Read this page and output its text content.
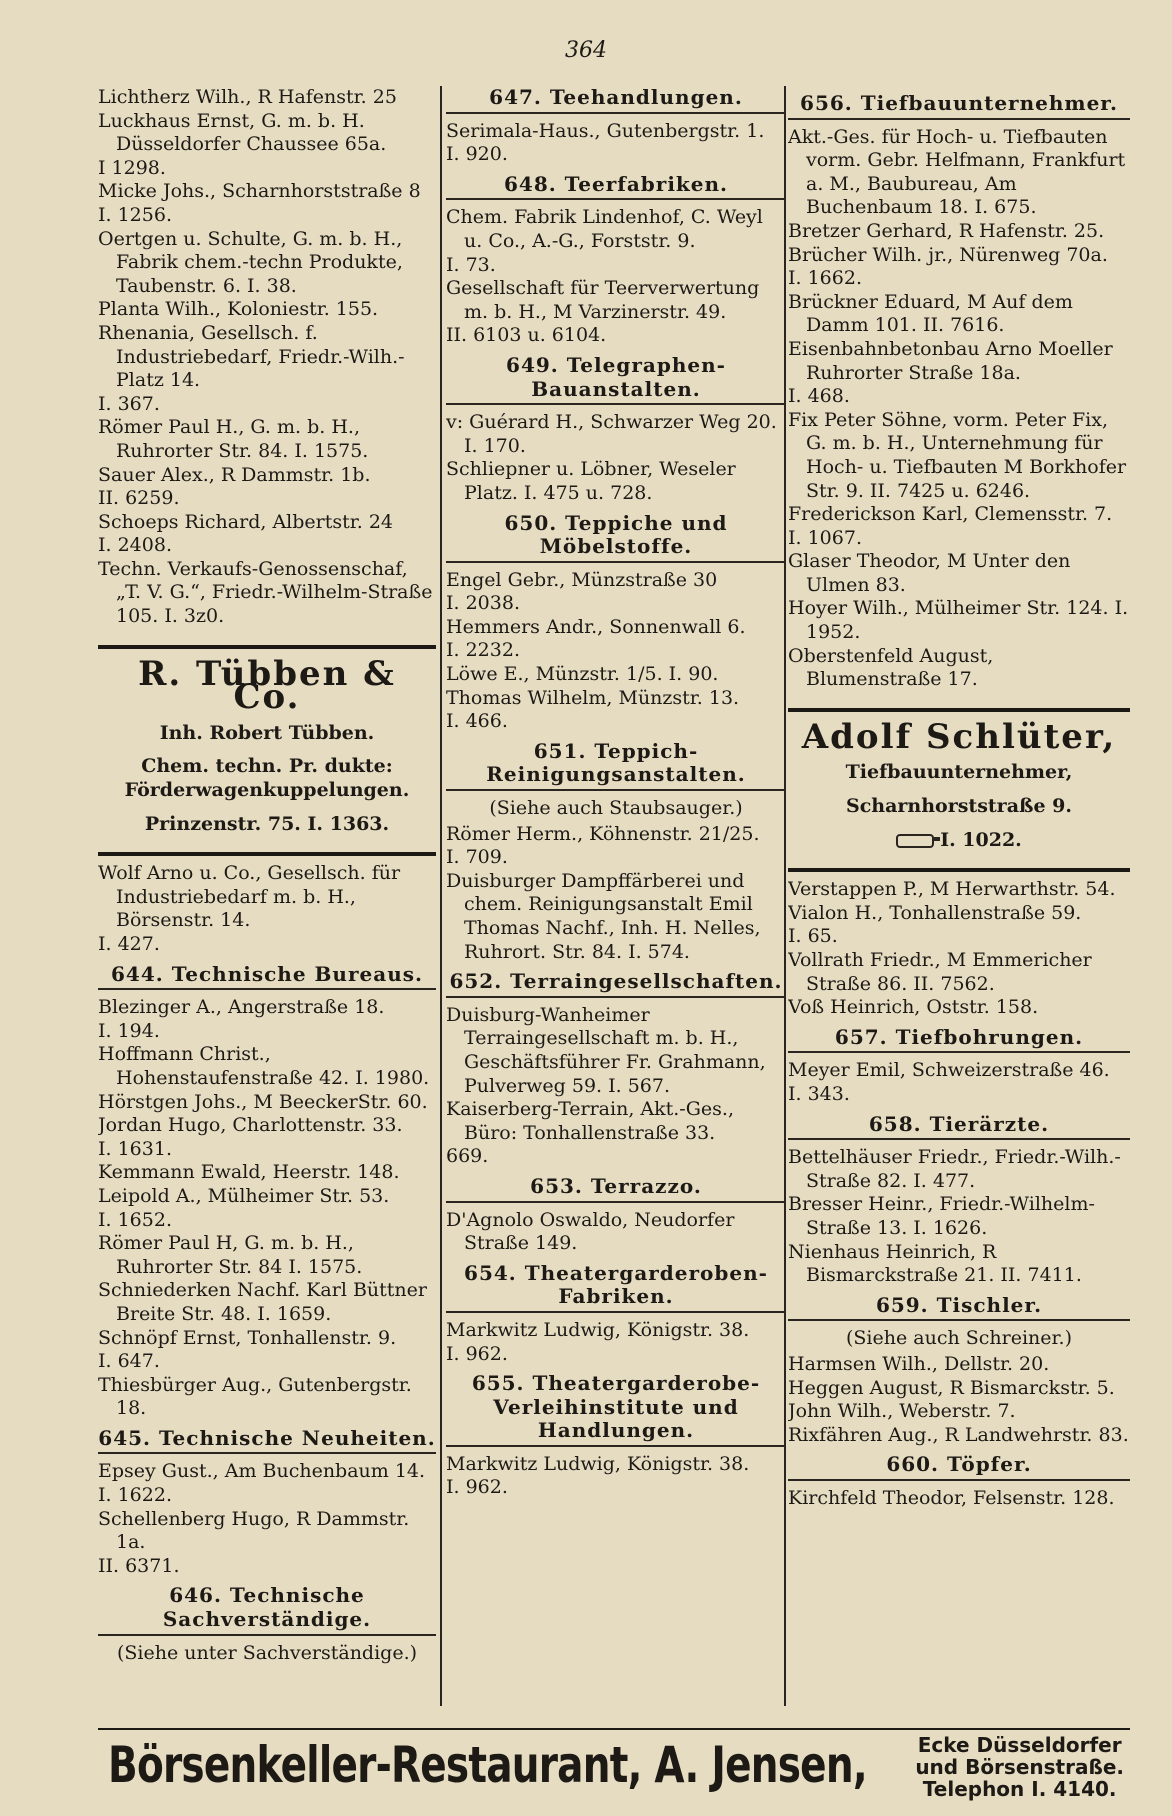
364

Lichtherz Wilh., R Hafenstr. 25

Luckhaus Ernst, G. m. b. H. Düsseldorfer Chaussee 65a.

I 1298.

Micke Johs., Scharnhorststraße 8

I. 1256.

Oertgen u. Schulte, G. m. b. H., Fabrik chem.-techn Produkte, Taubenstr. 6. I. 38.

Planta Wilh., Koloniestr. 155.

Rhenania, Gesellsch. f. Industriebedarf, Friedr.-Wilh.-Platz 14.

I. 367.

Römer Paul H., G. m. b. H., Ruhrorter Str. 84. I. 1575.

Sauer Alex., R Dammstr. 1b.

II. 6259.

Schoeps Richard, Albertstr. 24

I. 2408.

Techn. Verkaufs-Genossenschaf, „T. V. G.“, Friedr.-Wilhelm-Straße 105. I. 3z0.

R. Tübben & Co.
Inh. Robert Tübben.
Chem. techn. Pr. dukte: Förderwagenkuppelungen.
Prinzenstr. 75. I. 1363.

Wolf Arno u. Co., Gesellsch. für Industriebedarf m. b. H., Börsenstr. 14.

I. 427.

644. Technische Bureaus.

Blezinger A., Angerstraße 18.

I. 194.

Hoffmann Christ., Hohenstaufenstraße 42. I. 1980.

Hörstgen Johs., M BeeckerStr. 60.

Jordan Hugo, Charlottenstr. 33.

I. 1631.

Kemmann Ewald, Heerstr. 148.

Leipold A., Mülheimer Str. 53.

I. 1652.

Römer Paul H, G. m. b. H., Ruhrorter Str. 84 I. 1575.

Schniederken Nachf. Karl Büttner Breite Str. 48. I. 1659.

Schnöpf Ernst, Tonhallenstr. 9.

I. 647.

Thiesbürger Aug., Gutenbergstr. 18.

645. Technische Neuheiten.

Epsey Gust., Am Buchenbaum 14.

I. 1622.

Schellenberg Hugo, R Dammstr. 1a.

II. 6371.

646. Technische Sachverständige.
(Siehe unter Sachverständige.)
647. Teehandlungen.

Serimala-Haus., Gutenbergstr. 1.

I. 920.

648. Teerfabriken.

Chem. Fabrik Lindenhof, C. Weyl u. Co., A.-G., Forststr. 9.

I. 73.

Gesellschaft für Teerverwertung m. b. H., M Varzinerstr. 49.

II. 6103 u. 6104.

649. Telegraphen-Bauanstalten.

v: Guérard H., Schwarzer Weg 20. I. 170.

Schliepner u. Löbner, Weseler Platz. I. 475 u. 728.

650. Teppiche und Möbelstoffe.

Engel Gebr., Münzstraße 30

I. 2038.

Hemmers Andr., Sonnenwall 6.

I. 2232.

Löwe E., Münzstr. 1/5. I. 90.

Thomas Wilhelm, Münzstr. 13.

I. 466.

651. Teppich-Reinigungsanstalten.
(Siehe auch Staubsauger.)

Römer Herm., Köhnenstr. 21/25.

I. 709.

Duisburger Dampffärberei und chem. Reinigungsanstalt Emil Thomas Nachf., Inh. H. Nelles, Ruhrort. Str. 84. I. 574.

652. Terraingesellschaften.

Duisburg-Wanheimer Terraingesellschaft m. b. H., Geschäftsführer Fr. Grahmann, Pulverweg 59. I. 567.

Kaiserberg-Terrain, Akt.-Ges., Büro: Tonhallenstraße 33.

669.

653. Terrazzo.

D'Agnolo Oswaldo, Neudorfer Straße 149.

654. Theatergarderoben-Fabriken.

Markwitz Ludwig, Königstr. 38.

I. 962.

655. Theatergarderobe-Verleihinstitute und Handlungen.

Markwitz Ludwig, Königstr. 38.

I. 962.

656. Tiefbauunternehmer.

Akt.-Ges. für Hoch- u. Tiefbauten vorm. Gebr. Helfmann, Frankfurt a. M., Baubureau, Am Buchenbaum 18. I. 675.

Bretzer Gerhard, R Hafenstr. 25.

Brücher Wilh. jr., Nürenweg 70a.

I. 1662.

Brückner Eduard, M Auf dem Damm 101. II. 7616.

Eisenbahnbetonbau Arno Moeller Ruhrorter Straße 18a.

I. 468.

Fix Peter Söhne, vorm. Peter Fix, G. m. b. H., Unternehmung für Hoch- u. Tiefbauten M Borkhofer Str. 9. II. 7425 u. 6246.

Frederickson Karl, Clemensstr. 7.

I. 1067.

Glaser Theodor, M Unter den Ulmen 83.

Hoyer Wilh., Mülheimer Str. 124. I. 1952.

Oberstenfeld August, Blumenstraße 17.

Adolf Schlüter,
Tiefbauunternehmer,
Scharnhorststraße 9.
I. 1022.

Verstappen P., M Herwarthstr. 54.

Vialon H., Tonhallenstraße 59.

I. 65.

Vollrath Friedr., M Emmericher Straße 86. II. 7562.

Voß Heinrich, Oststr. 158.

657. Tiefbohrungen.

Meyer Emil, Schweizerstraße 46.

I. 343.

658. Tierärzte.

Bettelhäuser Friedr., Friedr.-Wilh.-Straße 82. I. 477.

Bresser Heinr., Friedr.-Wilhelm-Straße 13. I. 1626.

Nienhaus Heinrich, R Bismarckstraße 21. II. 7411.

659. Tischler.
(Siehe auch Schreiner.)

Harmsen Wilh., Dellstr. 20.

Heggen August, R Bismarckstr. 5.

John Wilh., Weberstr. 7.

Rixfähren Aug., R Landwehrstr. 83.

660. Töpfer.

Kirchfeld Theodor, Felsenstr. 128.

Börsenkeller-Restaurant, A. Jensen,	Ecke Düsseldorfer
und Börsenstraße.
Telephon I. 4140.
